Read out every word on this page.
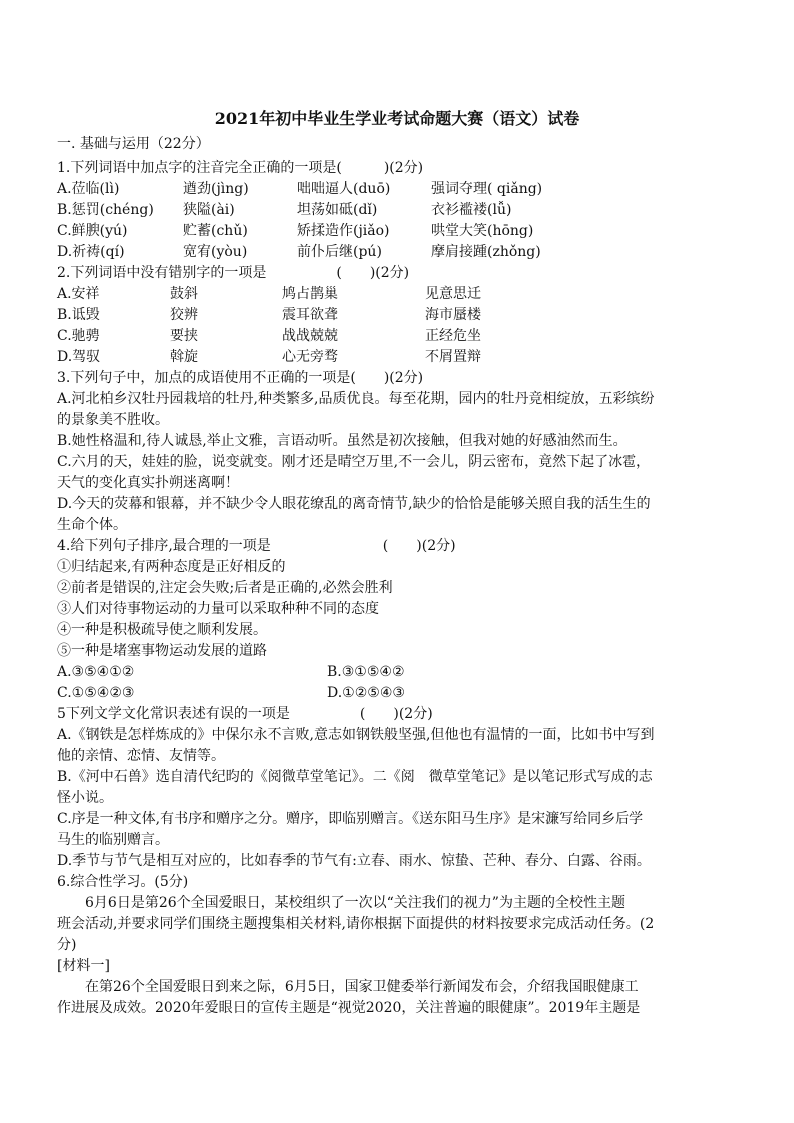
2021年初中毕业生学业考试命题大赛（语文）试卷
一. 基础与运用（22分）
1.下列词语中加点字的注音完全正确的一项是(　　　)(2分)
A.莅临(lì)	遒劲(jìng)	咄咄逼人(duō)	强词夺理( qiǎng)
B.惩罚(chéng) 狭隘(ài)	坦荡如砥(dǐ)	衣衫褴褛(lǚ)
C.鲜腴(yú)	贮蓄(chǔ)	矫揉造作(jiǎo)	哄堂大笑(hōng)
D.祈祷(qí)	宽宥(yòu)	前仆后继(pú)	摩肩接踵(zhǒng)
2.下列词语中没有错别字的一项是　　　　　(　　)(2分)
A.安祥	鼓斜	鸠占鹊巢	见意思迁
B.诋毁	狡辨	震耳欲聋	海市蜃楼
C.驰骋	要挟	战战兢兢	正经危坐
D.驾驭	斡旋	心无旁骛	不屑置辩
3.下列句子中，加点的成语使用不正确的一项是(　　)(2分)
A.河北柏乡汉牡丹园栽培的牡丹,种类繁多,品质优良。每至花期，园内的牡丹竞相绽放，五彩缤纷
的景象美不胜收。
B.她性格温和,待人诚恳,举止文雅，言语动听。虽然是初次接触，但我对她的好感油然而生。
C.六月的天，娃娃的脸，说变就变。刚才还是晴空万里,不一会儿，阴云密布，竟然下起了冰雹，
天气的变化真实扑朔迷离啊！
D.今天的荧幕和银幕，并不缺少令人眼花缭乱的离奇情节,缺少的恰恰是能够关照自我的活生生的
生命个体。
4.给下列句子排序,最合理的一项是　　　　　　　　(　　)(2分)
①归结起来,有两种态度是正好相反的
②前者是错误的,注定会失败;后者是正确的,必然会胜利
③人们对待事物运动的力量可以采取种种不同的态度
④一种是积极疏导使之顺利发展。
⑤一种是堵塞事物运动发展的道路
A.③⑤④①②	B.③①⑤④②
C.①⑤④②③	D.①②⑤④③
5下列文学文化常识表述有误的一项是　　　　　(　　)(2分)
A.《钢铁是怎样炼成的》中保尔永不言败,意志如钢铁般坚强,但他也有温情的一面，比如书中写到
他的亲情、恋情、友情等。
B.《河中石兽》选自清代纪昀的《阅微草堂笔记》。二《阅　微草堂笔记》是以笔记形式写成的志
怪小说。
C.序是一种文体,有书序和赠序之分。赠序，即临别赠言。《送东阳马生序》是宋濂写给同乡后学
马生的临别赠言。
D.季节与节气是相互对应的，比如春季的节气有:立春、雨水、惊蛰、芒种、春分、白露、谷雨。
6.综合性学习。(5分)
　　6月6日是第26个全国爱眼日，某校组织了一次以“关注我们的视力”为主题的全校性主题
班会活动,并要求同学们围绕主题搜集相关材料,请你根据下面提供的材料按要求完成活动任务。(2
分)
[材料一]
　　在第26个全国爱眼日到来之际，6月5日，国家卫健委举行新闻发布会，介绍我国眼健康工
作进展及成效。2020年爱眼日的宣传主题是“视觉2020，关注普遍的眼健康”。2019年主题是
